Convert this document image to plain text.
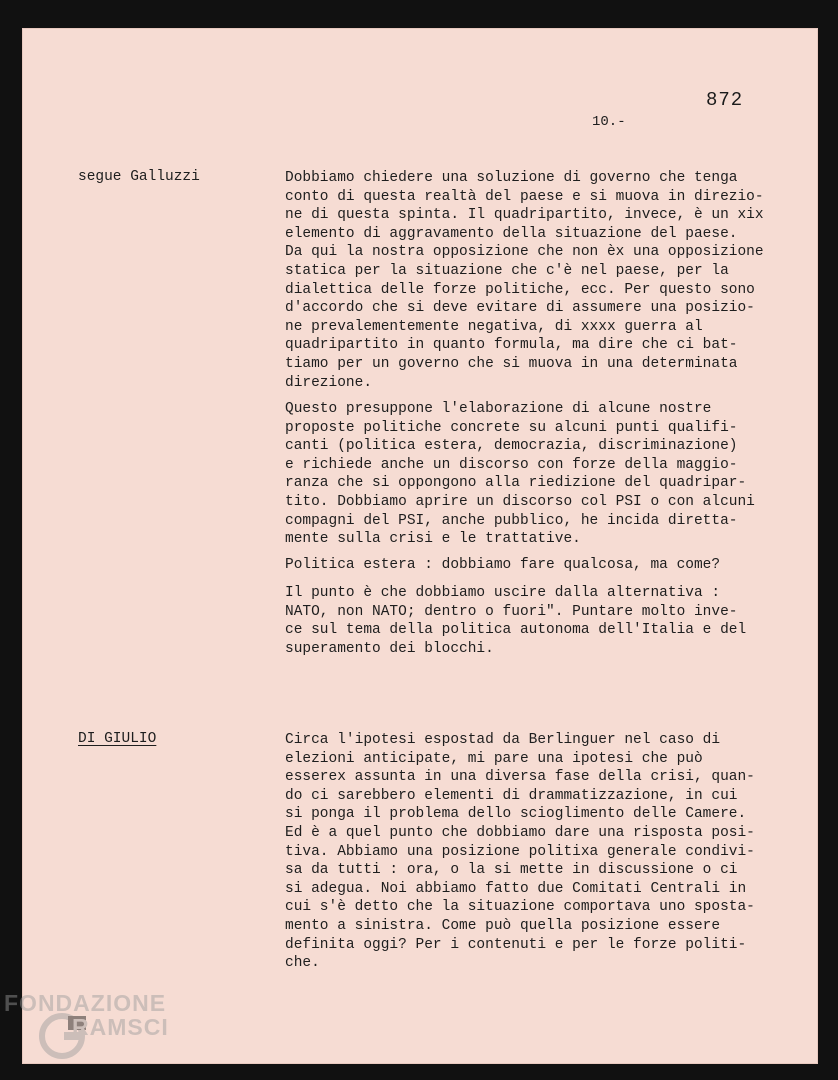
872
10.-
segue Galluzzi	Dobbiamo chiedere una soluzione di governo che tenga
conto di questa realtà del paese e si muova in direzio-
ne di questa spinta. Il quadripartito, invece, è un xix
elemento di aggravamento della situazione del paese.
Da qui la nostra opposizione che non èx una opposizione
statica per la situazione che c'è nel paese, per la
dialettica delle forze politiche, ecc. Per questo sono
d'accordo che si deve evitare di assumere una posizio-
ne prevalementemente negativa, di xxxx guerra al
quadripartito in quanto formula, ma dire che ci bat-
tiamo per un governo che si muova in una determinata
direzione.

Questo presuppone l'elaborazione di alcune nostre
proposte politiche concrete su alcuni punti qualifi-
canti (politica estera, democrazia, discriminazione)
e richiede anche un discorso con forze della maggio-
ranza che si oppongono alla riedizione del quadripar-
tito. Dobbiamo aprire un discorso col PSI o con alcuni
compagni del PSI, anche pubblico, he incida diretta-
mente sulla crisi e le trattative.

Politica estera : dobbiamo fare qualcosa, ma come?

Il punto è che dobbiamo uscire dalla alternativa :
NATO, non NATO; dentro o fuori". Puntare molto inve-
ce sul tema della politica autonoma dell'Italia e del
superamento dei blocchi.

DI GIULIO	Circa l'ipotesi espostad da Berlinguer nel caso di
elezioni anticipate, mi pare una ipotesi che può
esserex assunta in una diversa fase della crisi, quan-
do ci sarebbero elementi di drammatizzazione, in cui
si ponga il problema dello scioglimento delle Camere.
Ed è a quel punto che dobbiamo dare una risposta posi-
tiva. Abbiamo una posizione politixa generale condivi-
sa da tutti : ora, o la si mette in discussione o ci
si adegua. Noi abbiamo fatto due Comitati Centrali in
cui s'è detto che la situazione comportava uno sposta-
mento a sinistra. Come può quella posizione essere
definita oggi? Per i contenuti e per le forze politi-
che.

FONDAZIONE
RAMSCI
